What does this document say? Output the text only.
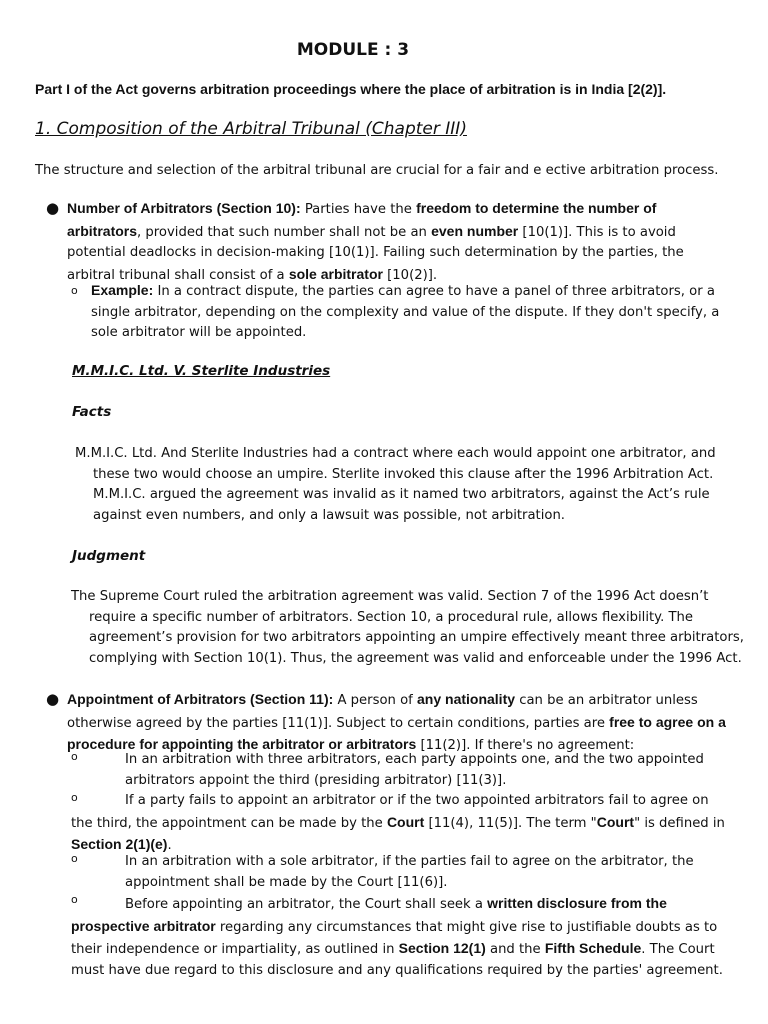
MODULE : 3
Part I of the Act governs arbitration proceedings where the place of arbitration is in India [2(2)].
1. Composition of the Arbitral Tribunal (Chapter III)
The structure and selection of the arbitral tribunal are crucial for a fair and e ective arbitration process.
● Number of Arbitrators (Section 10): Parties have the freedom to determine the number of arbitrators, provided that such number shall not be an even number [10(1)]. This is to avoid potential deadlocks in decision-making [10(1)]. Failing such determination by the parties, the arbitral tribunal shall consist of a sole arbitrator [10(2)].
o Example: In a contract dispute, the parties can agree to have a panel of three arbitrators, or a single arbitrator, depending on the complexity and value of the dispute. If they don't specify, a sole arbitrator will be appointed.
M.M.I.C. Ltd. V. Sterlite Industries
Facts
M.M.I.C. Ltd. And Sterlite Industries had a contract where each would appoint one arbitrator, and these two would choose an umpire. Sterlite invoked this clause after the 1996 Arbitration Act. M.M.I.C. argued the agreement was invalid as it named two arbitrators, against the Act’s rule against even numbers, and only a lawsuit was possible, not arbitration.
Judgment
The Supreme Court ruled the arbitration agreement was valid. Section 7 of the 1996 Act doesn’t require a specific number of arbitrators. Section 10, a procedural rule, allows flexibility. The agreement’s provision for two arbitrators appointing an umpire effectively meant three arbitrators, complying with Section 10(1). Thus, the agreement was valid and enforceable under the 1996 Act.
● Appointment of Arbitrators (Section 11): A person of any nationality can be an arbitrator unless otherwise agreed by the parties [11(1)]. Subject to certain conditions, parties are free to agree on a procedure for appointing the arbitrator or arbitrators [11(2)]. If there's no agreement:
o	In an arbitration with three arbitrators, each party appoints one, and the two appointed arbitrators appoint the third (presiding arbitrator) [11(3)].
o	If a party fails to appoint an arbitrator or if the two appointed arbitrators fail to agree on the third, the appointment can be made by the Court [11(4), 11(5)]. The term "Court" is defined in Section 2(1)(e).
o	In an arbitration with a sole arbitrator, if the parties fail to agree on the arbitrator, the appointment shall be made by the Court [11(6)].
o	Before appointing an arbitrator, the Court shall seek a written disclosure from the prospective arbitrator regarding any circumstances that might give rise to justifiable doubts as to their independence or impartiality, as outlined in Section 12(1) and the Fifth Schedule. The Court must have due regard to this disclosure and any qualifications required by the parties' agreement.
